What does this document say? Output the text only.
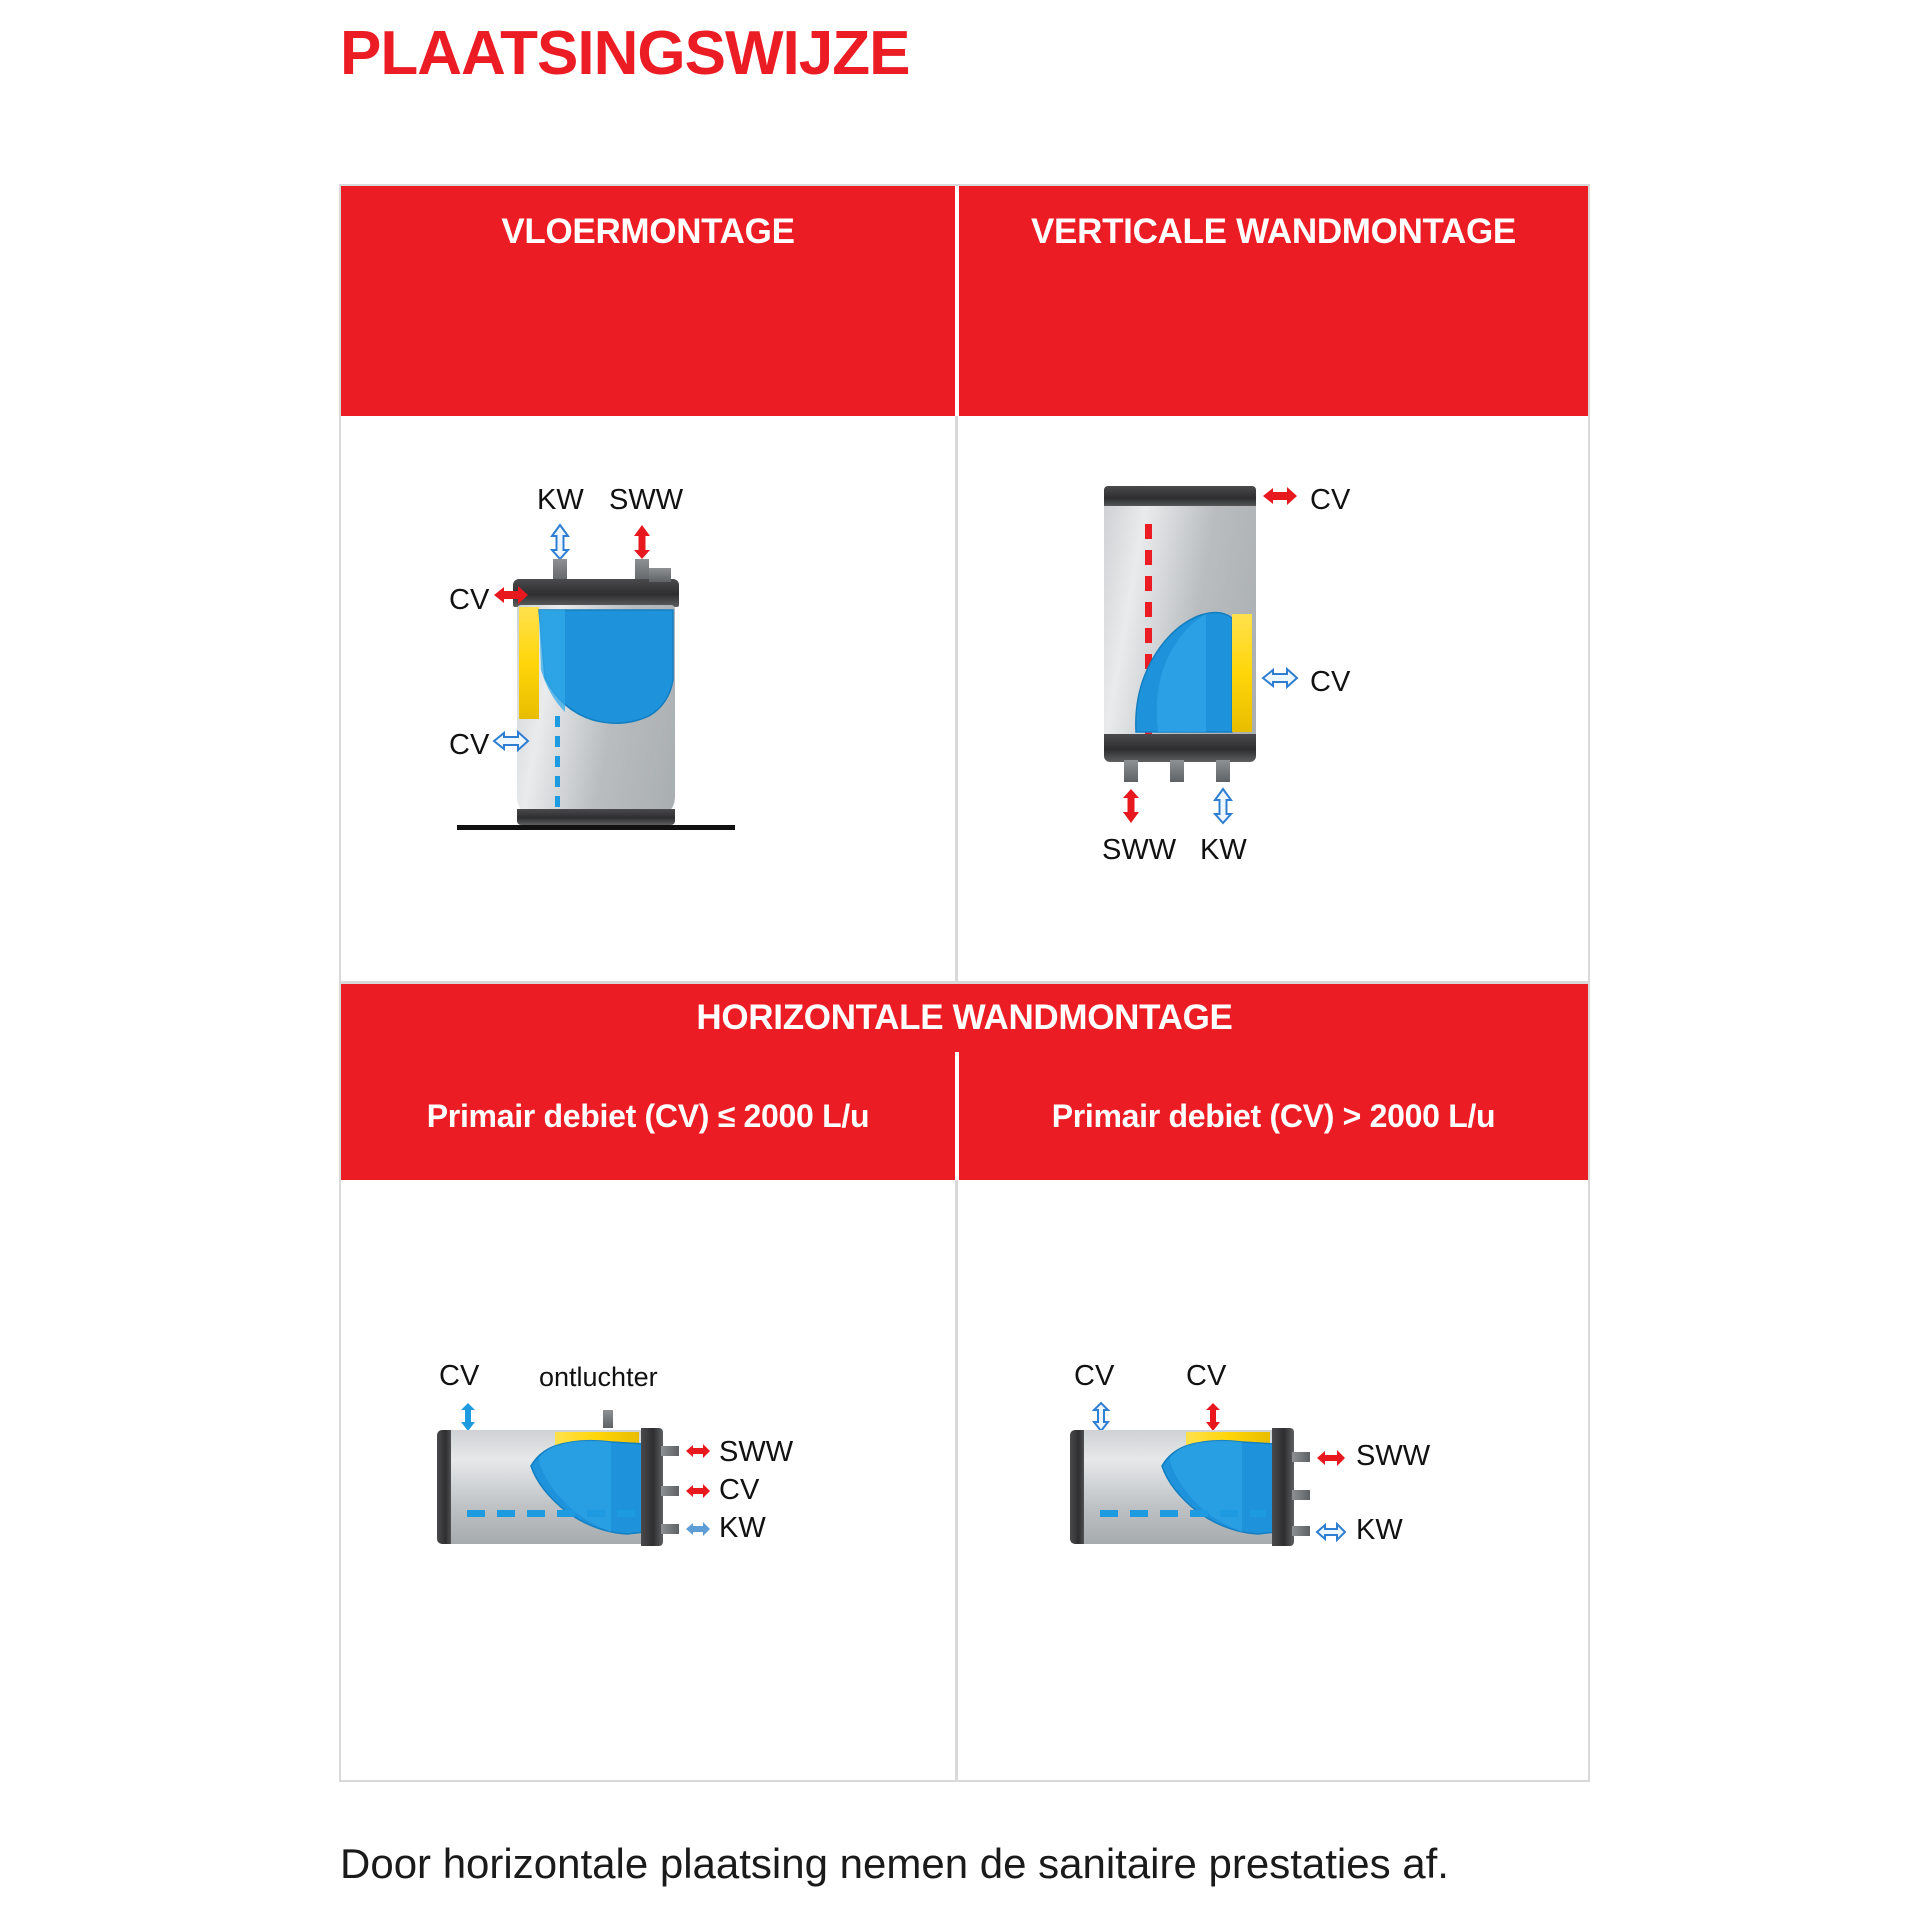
PLAATSINGSWIJZE
VLOERMONTAGE	VERTICALE WANDMONTAGE
KW SWW
CV
CV
CV
CV
SWW KW
HORIZONTALE WANDMONTAGE
Primair debiet (CV) ≤ 2000 L/u	Primair debiet (CV) > 2000 L/u
CV ontluchter
SWW
CV
KW
CV CV
SWW
KW
Door horizontale plaatsing nemen de sanitaire prestaties af.
